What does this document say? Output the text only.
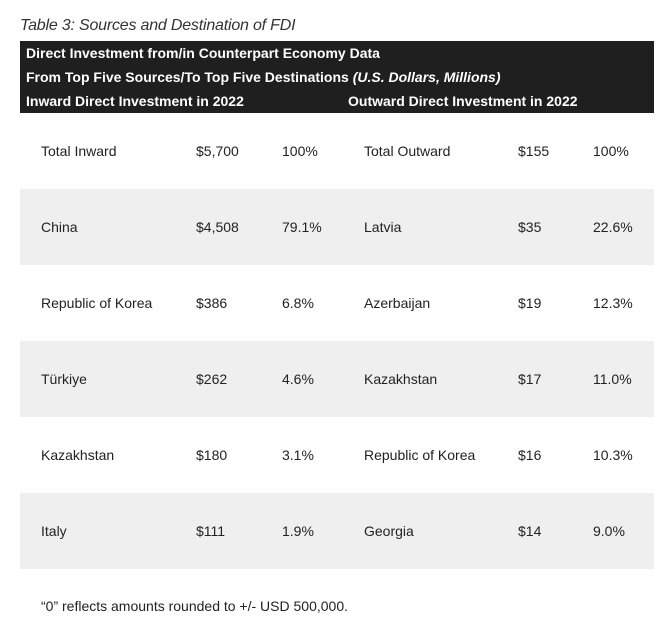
Table 3: Sources and Destination of FDI
Direct Investment from/in Counterpart Economy Data
From Top Five Sources/To Top Five Destinations (U.S. Dollars, Millions)
Inward Direct Investment in 2022	Outward Direct Investment in 2022
Total Inward	$5,700	100%	Total Outward	$155	100%
China	$4,508	79.1%	Latvia	$35	22.6%
Republic of Korea	$386	6.8%	Azerbaijan	$19	12.3%
Türkiye	$262	4.6%	Kazakhstan	$17	11.0%
Kazakhstan	$180	3.1%	Republic of Korea	$16	10.3%
Italy	$111	1.9%	Georgia	$14	9.0%
“0” reflects amounts rounded to +/- USD 500,000.
